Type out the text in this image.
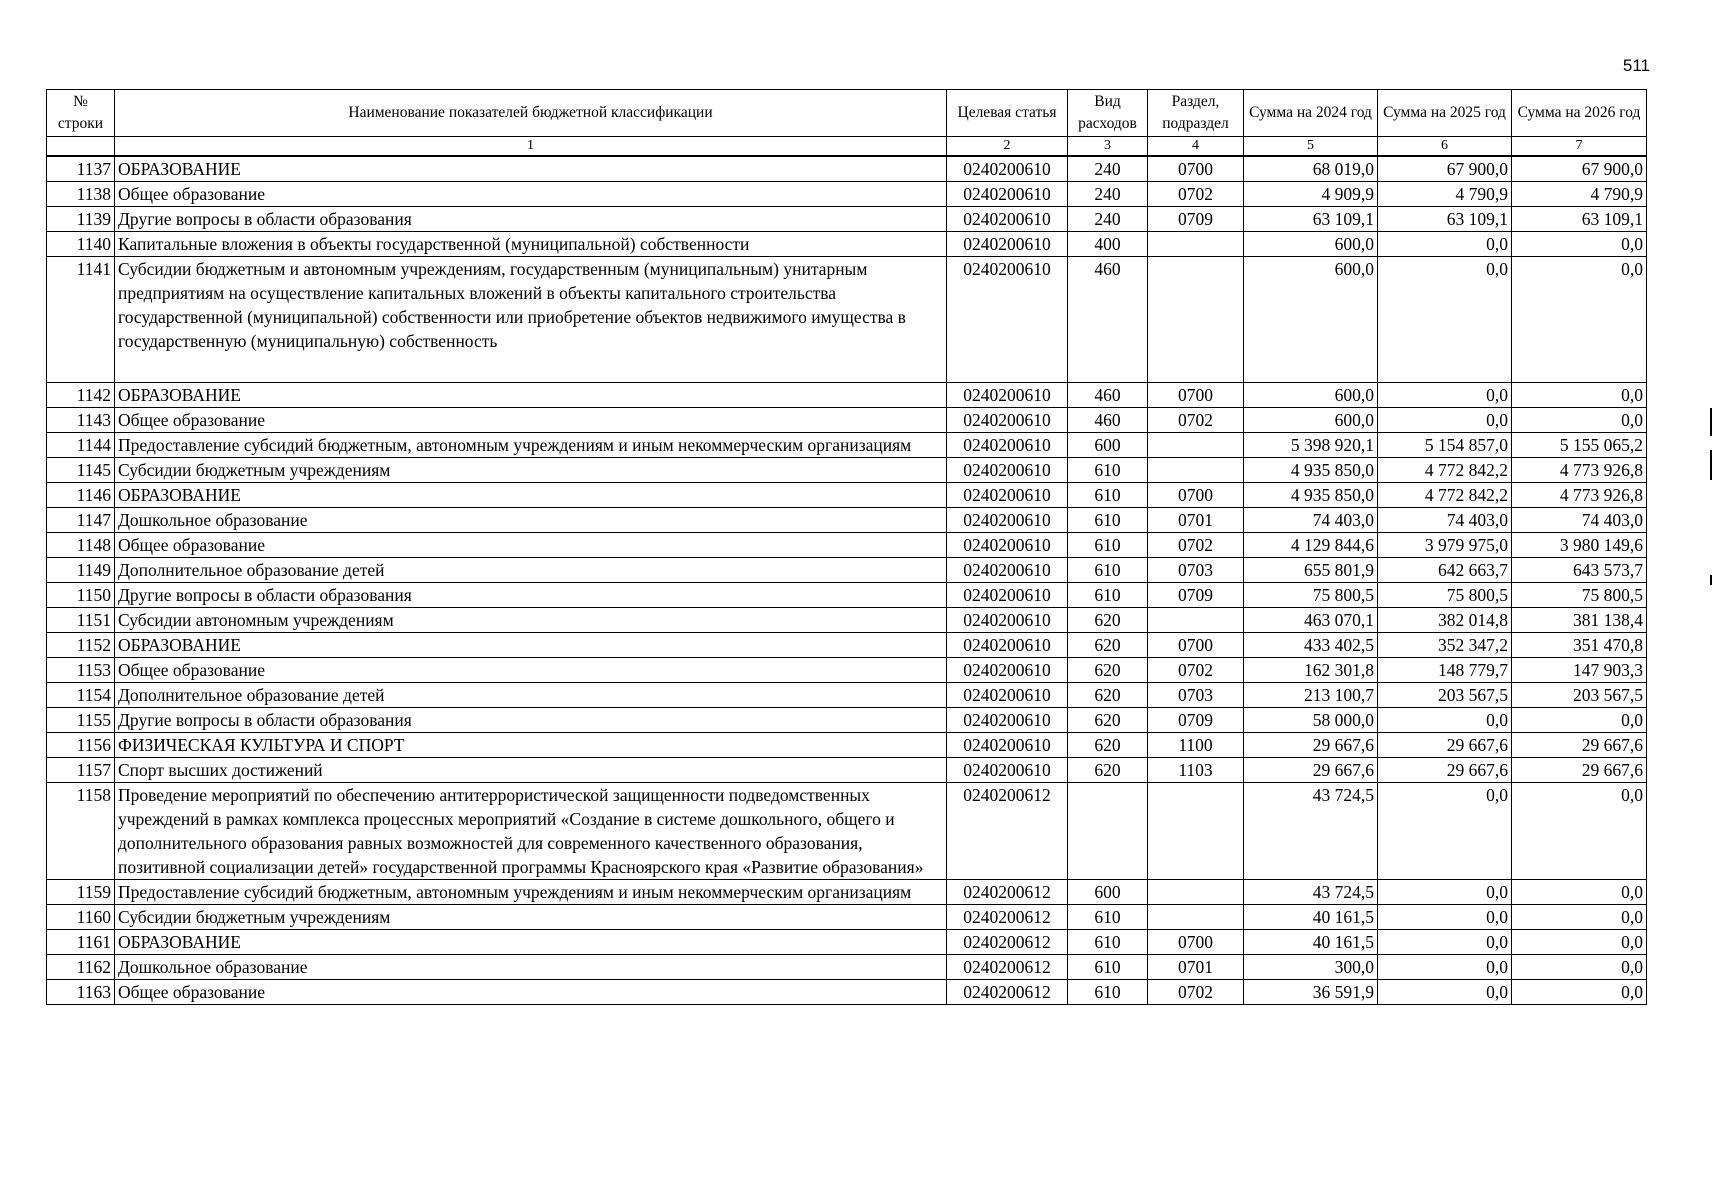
511
№ строки	Наименование показателей бюджетной классификации	Целевая статья	Вид расходов	Раздел, подраздел	Сумма на 2024 год	Сумма на 2025 год	Сумма на 2026 год
	1	2	3	4	5	6	7
1137	ОБРАЗОВАНИЕ	0240200610	240	0700	68 019,0	67 900,0	67 900,0
1138	Общее образование	0240200610	240	0702	4 909,9	4 790,9	4 790,9
1139	Другие вопросы в области образования	0240200610	240	0709	63 109,1	63 109,1	63 109,1
1140	Капитальные вложения в объекты государственной (муниципальной) собственности	0240200610	400		600,0	0,0	0,0
1141	Субсидии бюджетным и автономным учреждениям, государственным (муниципальным) унитарным предприятиям на осуществление капитальных вложений в объекты капитального строительства государственной (муниципальной) собственности или приобретение объектов недвижимого имущества в государственную (муниципальную) собственность	0240200610	460		600,0	0,0	0,0
1142	ОБРАЗОВАНИЕ	0240200610	460	0700	600,0	0,0	0,0
1143	Общее образование	0240200610	460	0702	600,0	0,0	0,0
1144	Предоставление субсидий бюджетным, автономным учреждениям и иным некоммерческим организациям	0240200610	600		5 398 920,1	5 154 857,0	5 155 065,2
1145	Субсидии бюджетным учреждениям	0240200610	610		4 935 850,0	4 772 842,2	4 773 926,8
1146	ОБРАЗОВАНИЕ	0240200610	610	0700	4 935 850,0	4 772 842,2	4 773 926,8
1147	Дошкольное образование	0240200610	610	0701	74 403,0	74 403,0	74 403,0
1148	Общее образование	0240200610	610	0702	4 129 844,6	3 979 975,0	3 980 149,6
1149	Дополнительное образование детей	0240200610	610	0703	655 801,9	642 663,7	643 573,7
1150	Другие вопросы в области образования	0240200610	610	0709	75 800,5	75 800,5	75 800,5
1151	Субсидии автономным учреждениям	0240200610	620		463 070,1	382 014,8	381 138,4
1152	ОБРАЗОВАНИЕ	0240200610	620	0700	433 402,5	352 347,2	351 470,8
1153	Общее образование	0240200610	620	0702	162 301,8	148 779,7	147 903,3
1154	Дополнительное образование детей	0240200610	620	0703	213 100,7	203 567,5	203 567,5
1155	Другие вопросы в области образования	0240200610	620	0709	58 000,0	0,0	0,0
1156	ФИЗИЧЕСКАЯ КУЛЬТУРА И СПОРТ	0240200610	620	1100	29 667,6	29 667,6	29 667,6
1157	Спорт высших достижений	0240200610	620	1103	29 667,6	29 667,6	29 667,6
1158	Проведение мероприятий по обеспечению антитеррористической защищенности подведомственных учреждений в рамках комплекса процессных мероприятий «Создание в системе дошкольного, общего и дополнительного образования равных возможностей для современного качественного образования, позитивной социализации детей» государственной программы Красноярского края «Развитие образования»	0240200612			43 724,5	0,0	0,0
1159	Предоставление субсидий бюджетным, автономным учреждениям и иным некоммерческим организациям	0240200612	600		43 724,5	0,0	0,0
1160	Субсидии бюджетным учреждениям	0240200612	610		40 161,5	0,0	0,0
1161	ОБРАЗОВАНИЕ	0240200612	610	0700	40 161,5	0,0	0,0
1162	Дошкольное образование	0240200612	610	0701	300,0	0,0	0,0
1163	Общее образование	0240200612	610	0702	36 591,9	0,0	0,0
